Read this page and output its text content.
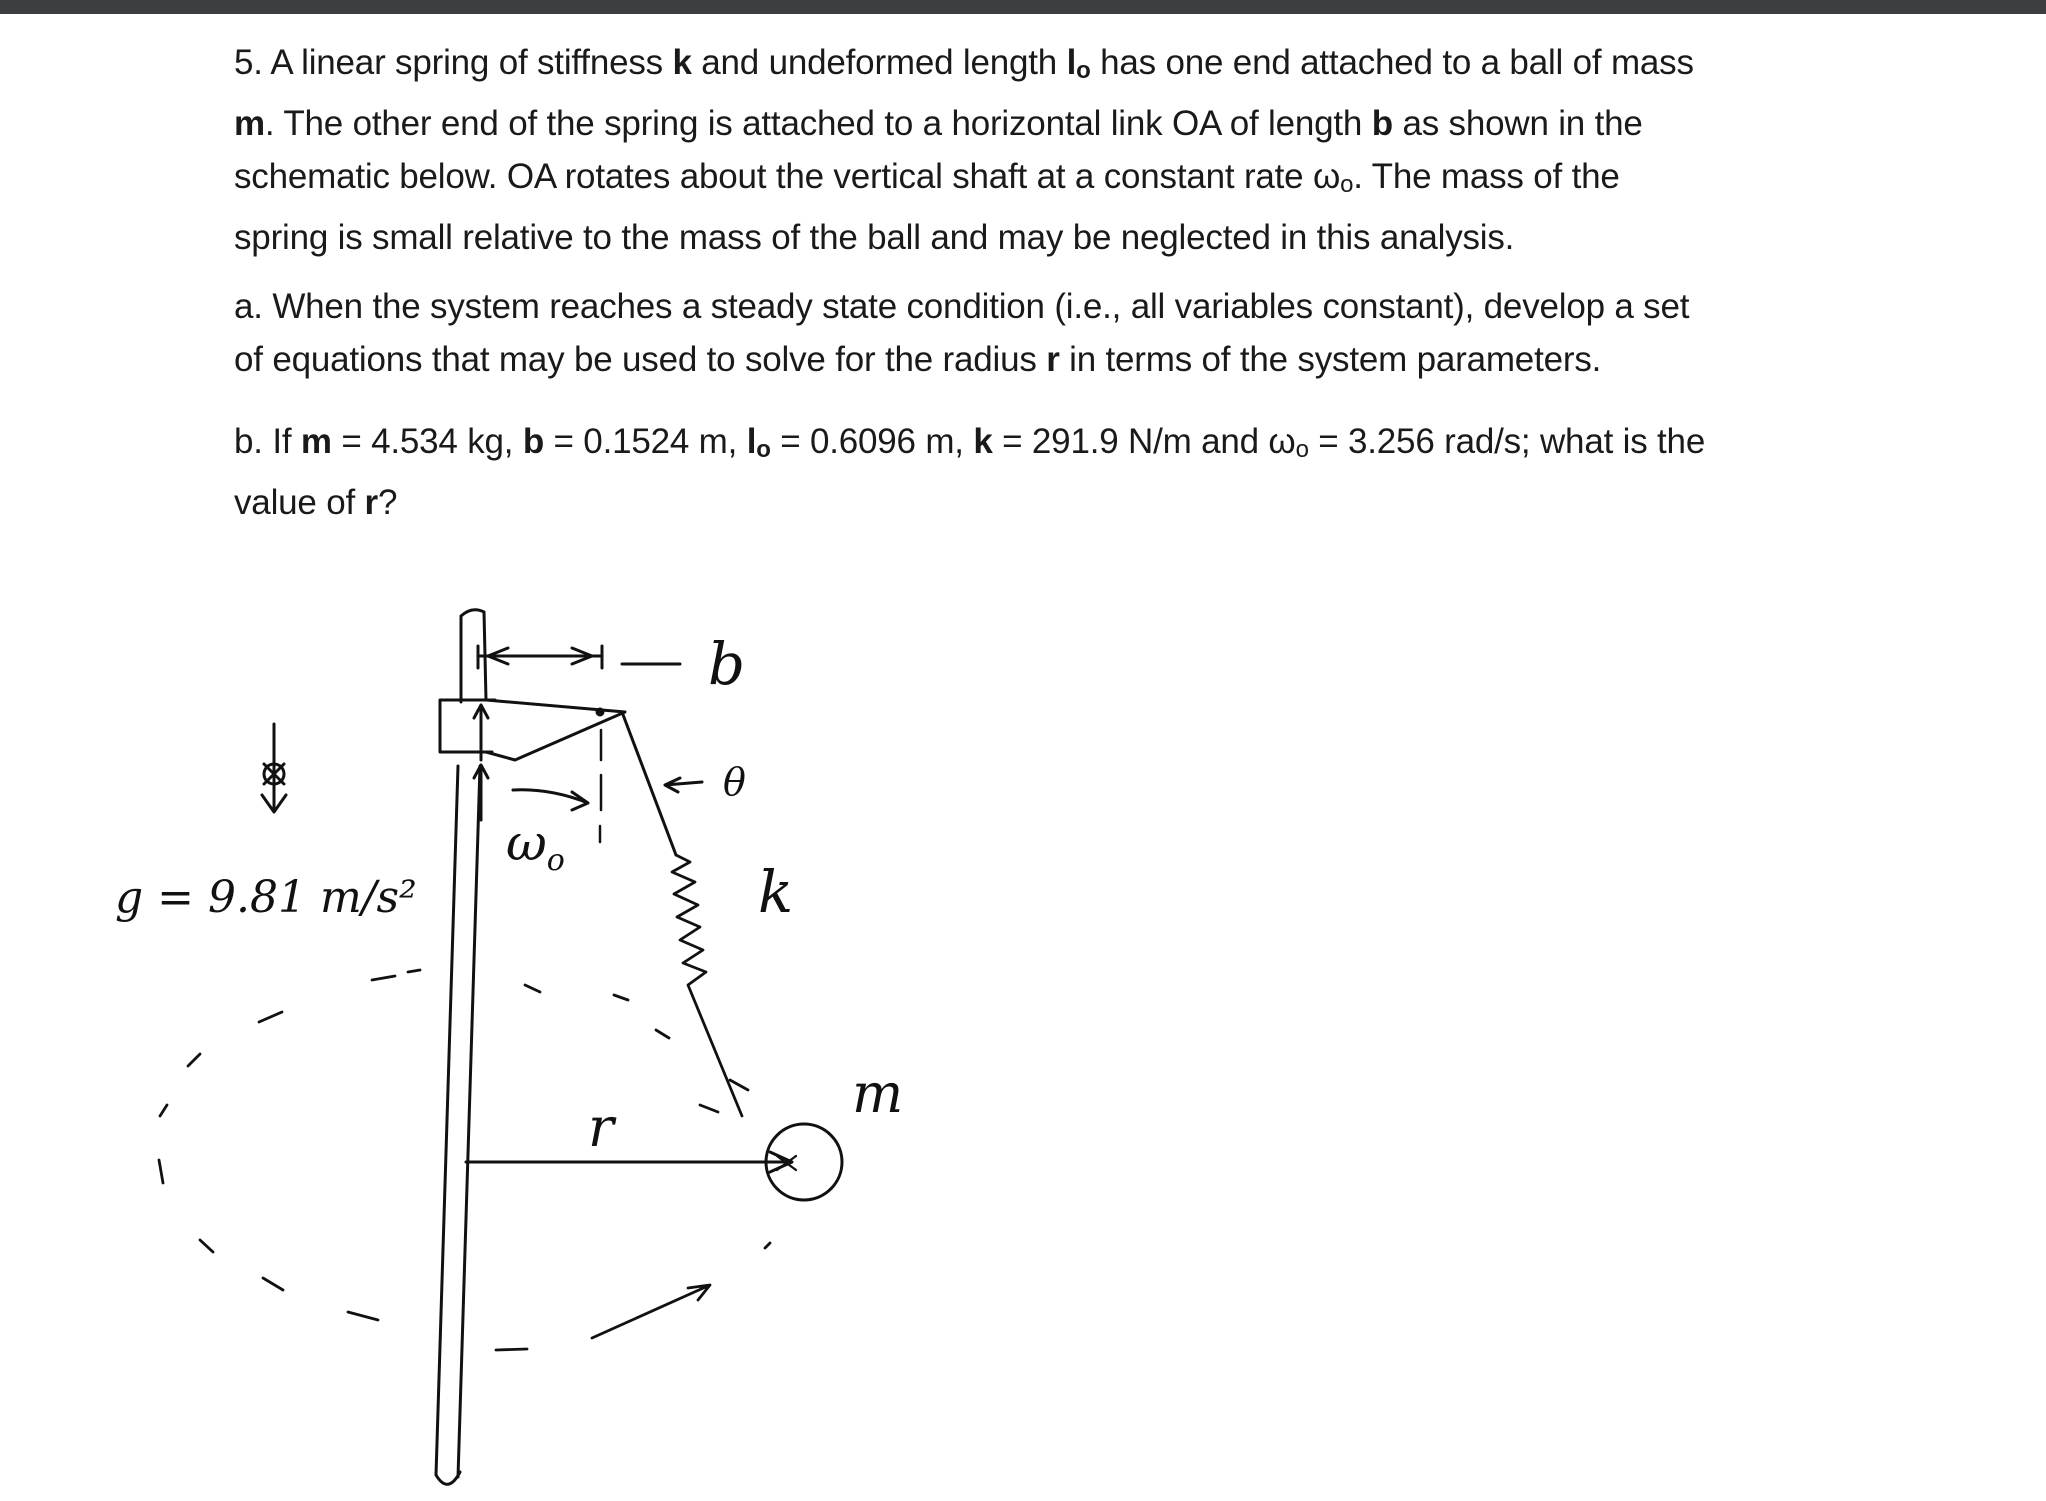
5. A linear spring of stiffness k and undeformed length lo has one end attached to a ball of mass
m. The other end of the spring is attached to a horizontal link OA of length b as shown in the
schematic below. OA rotates about the vertical shaft at a constant rate ωo. The mass of the
spring is small relative to the mass of the ball and may be neglected in this analysis.
a. When the system reaches a steady state condition (i.e., all variables constant), develop a set
of equations that may be used to solve for the radius r in terms of the system parameters.
b. If m = 4.534 kg, b = 0.1524 m, lo = 0.6096 m, k = 291.9 N/m and ωo = 3.256 rad/s; what is the
value of r?
b
θ
k
$\omega_o$
m
r
g = 9.81 m/s²
